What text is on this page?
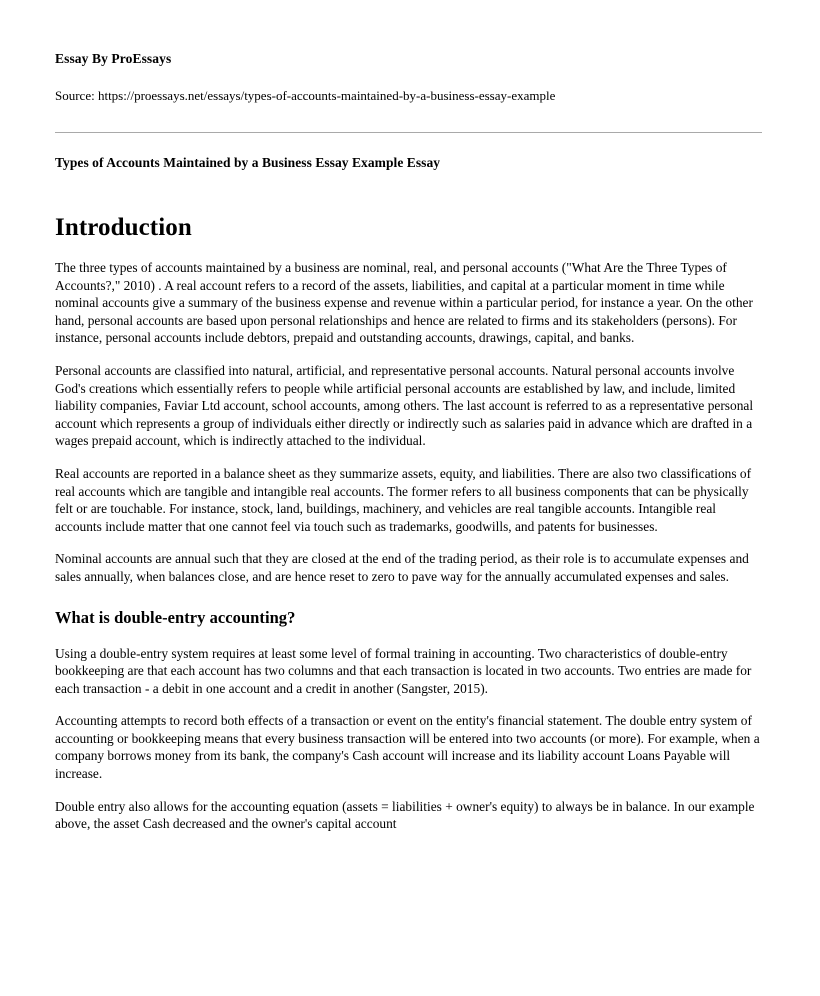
Essay By ProEssays
Source: https://proessays.net/essays/types-of-accounts-maintained-by-a-business-essay-example
Types of Accounts Maintained by a Business Essay Example Essay
Introduction

The three types of accounts maintained by a business are nominal, real, and personal accounts ("What Are the Three Types of Accounts?," 2010) . A real account refers to a record of the assets, liabilities, and capital at a particular moment in time while nominal accounts give a summary of the business expense and revenue within a particular period, for instance a year. On the other hand, personal accounts are based upon personal relationships and hence are related to firms and its stakeholders (persons). For instance, personal accounts include debtors, prepaid and outstanding accounts, drawings, capital, and banks.

Personal accounts are classified into natural, artificial, and representative personal accounts. Natural personal accounts involve God's creations which essentially refers to people while artificial personal accounts are established by law, and include, limited liability companies, Faviar Ltd account, school accounts, among others. The last account is referred to as a representative personal account which represents a group of individuals either directly or indirectly such as salaries paid in advance which are drafted in a wages prepaid account, which is indirectly attached to the individual.

Real accounts are reported in a balance sheet as they summarize assets, equity, and liabilities. There are also two classifications of real accounts which are tangible and intangible real accounts. The former refers to all business components that can be physically felt or are touchable. For instance, stock, land, buildings, machinery, and vehicles are real tangible accounts. Intangible real accounts include matter that one cannot feel via touch such as trademarks, goodwills, and patents for businesses.

Nominal accounts are annual such that they are closed at the end of the trading period, as their role is to accumulate expenses and sales annually, when balances close, and are hence reset to zero to pave way for the annually accumulated expenses and sales.

What is double-entry accounting?

Using a double-entry system requires at least some level of formal training in accounting. Two characteristics of double-entry bookkeeping are that each account has two columns and that each transaction is located in two accounts. Two entries are made for each transaction - a debit in one account and a credit in another (Sangster, 2015).

Accounting attempts to record both effects of a transaction or event on the entity's financial statement. The double entry system of accounting or bookkeeping means that every business transaction will be entered into two accounts (or more). For example, when a company borrows money from its bank, the company's Cash account will increase and its liability account Loans Payable will increase.

Double entry also allows for the accounting equation (assets = liabilities + owner's equity) to always be in balance. In our example above, the asset Cash decreased and the owner's capital account
